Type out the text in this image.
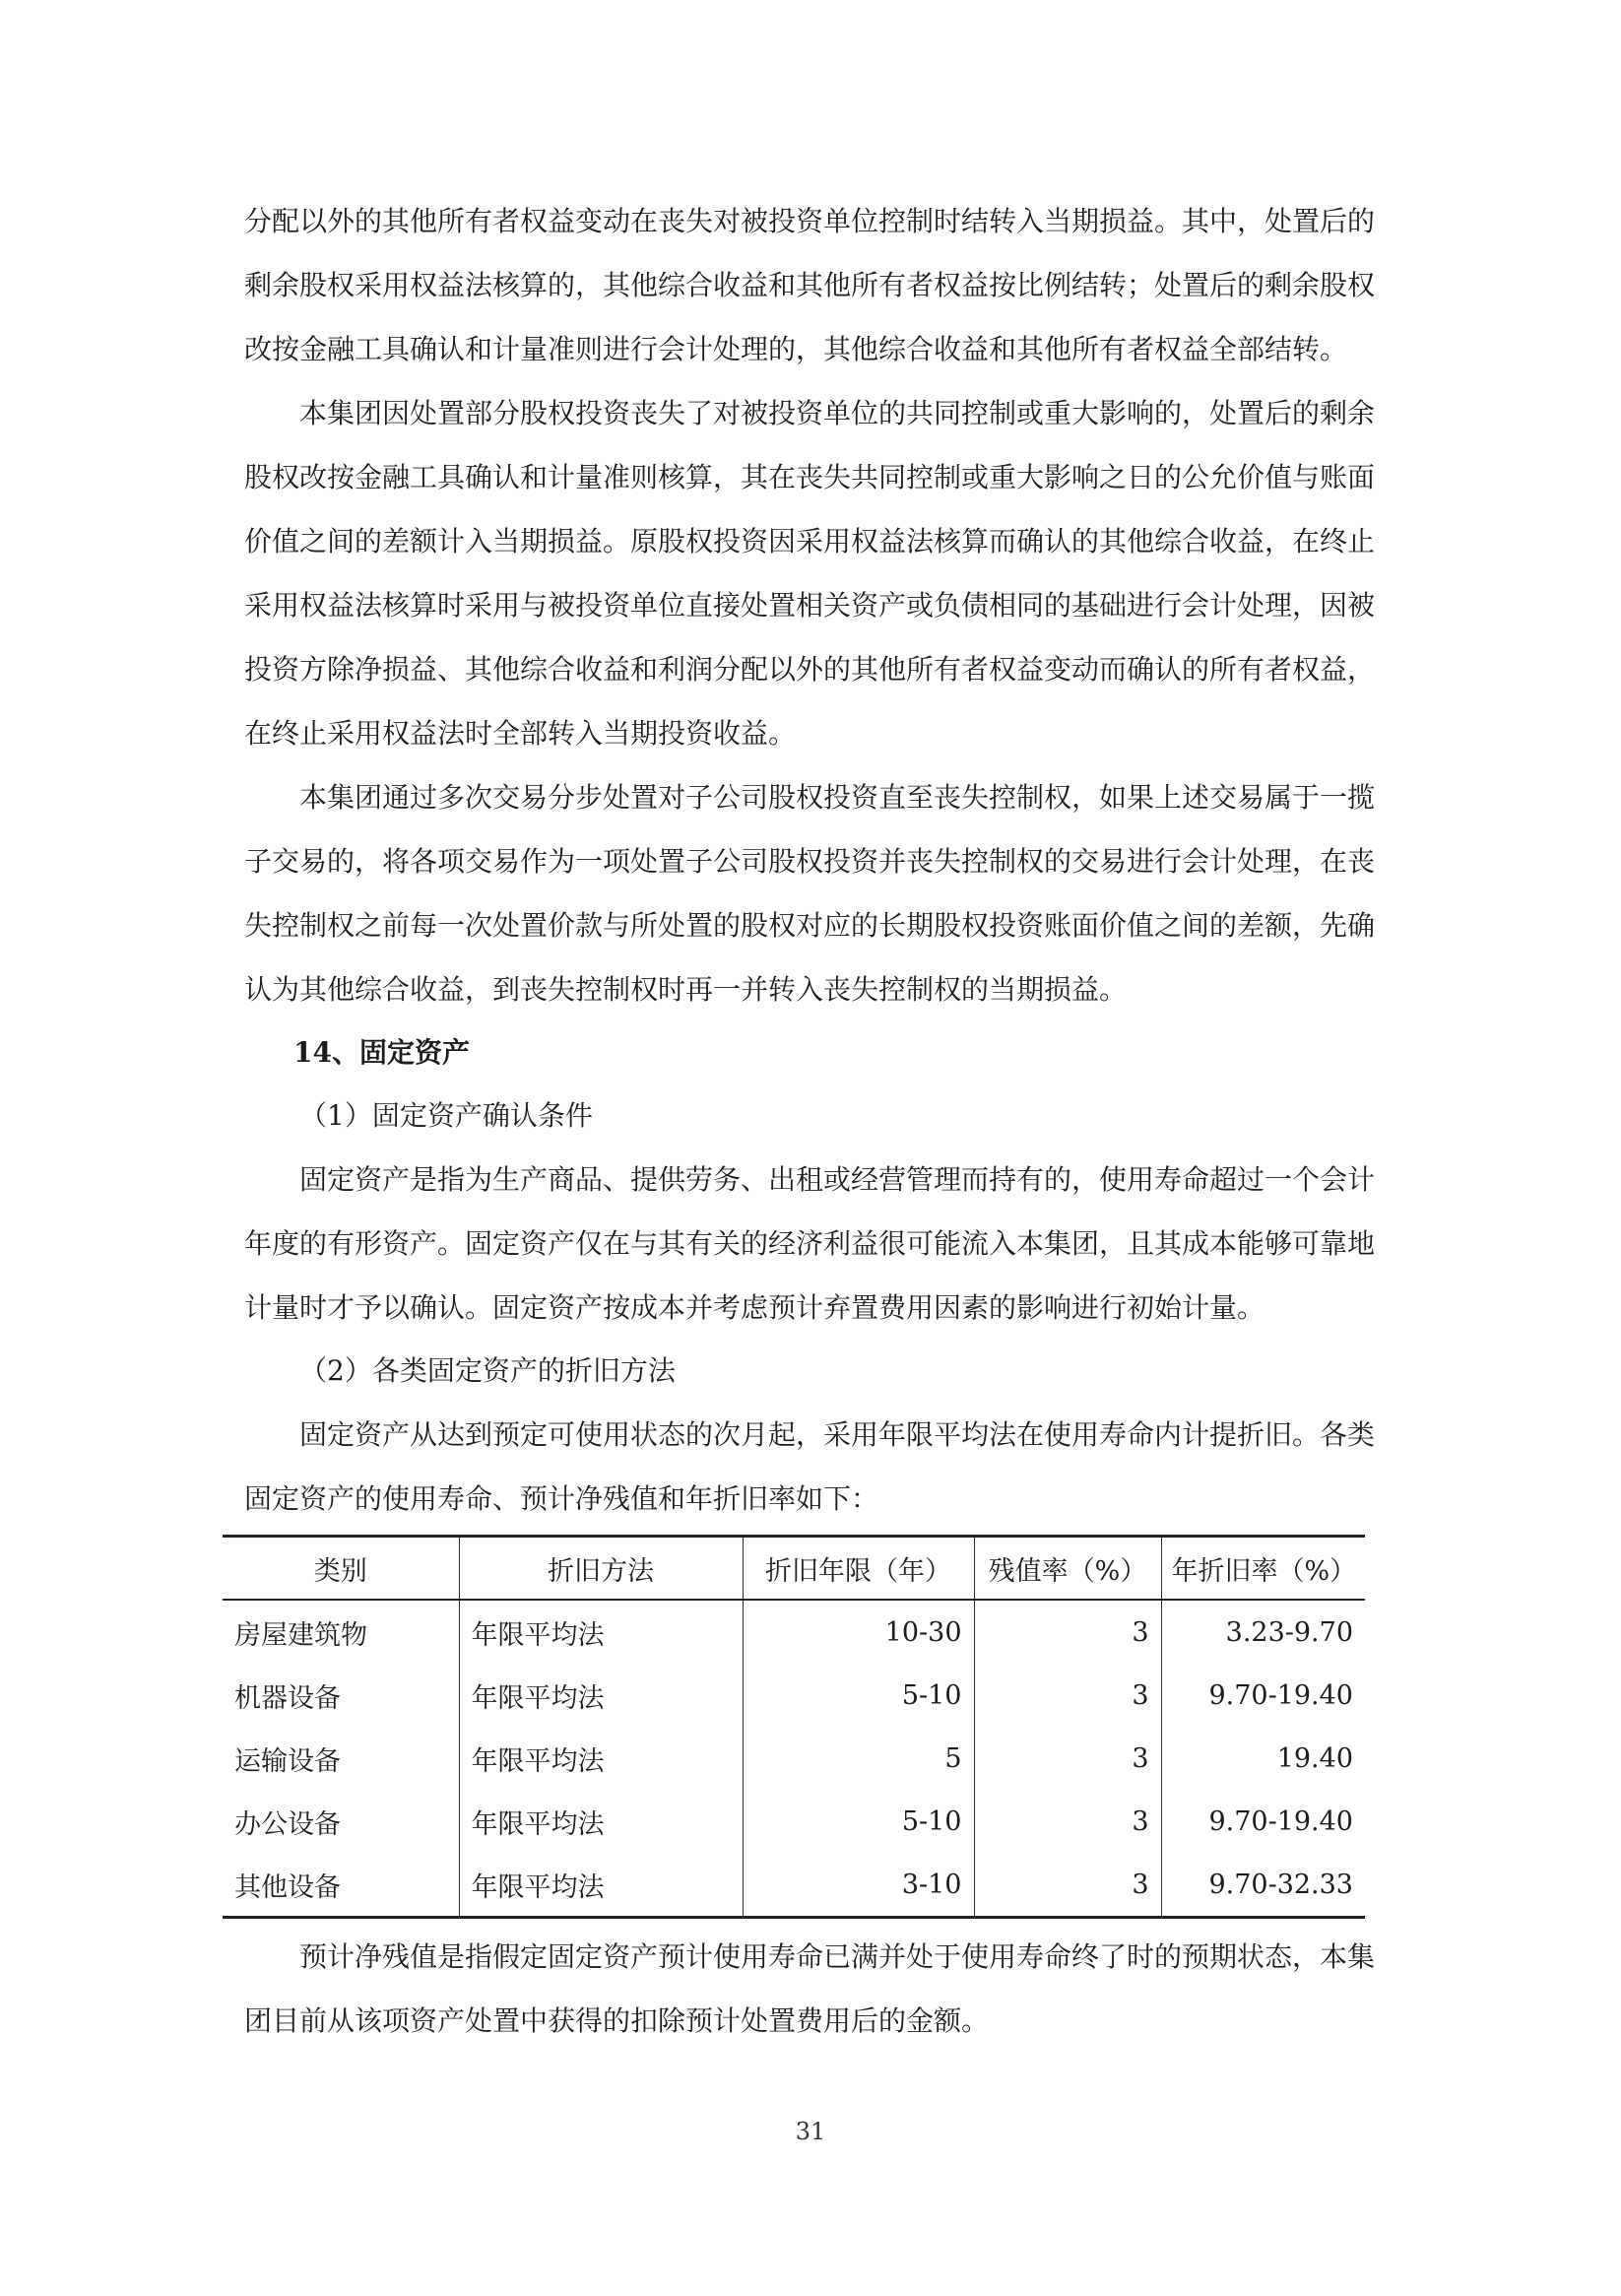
分配以外的其他所有者权益变动在丧失对被投资单位控制时结转入当期损益。其中，处置后的剩余股权采用权益法核算的，其他综合收益和其他所有者权益按比例结转；处置后的剩余股权改按金融工具确认和计量准则进行会计处理的，其他综合收益和其他所有者权益全部结转。

本集团因处置部分股权投资丧失了对被投资单位的共同控制或重大影响的，处置后的剩余股权改按金融工具确认和计量准则核算，其在丧失共同控制或重大影响之日的公允价值与账面价值之间的差额计入当期损益。原股权投资因采用权益法核算而确认的其他综合收益，在终止采用权益法核算时采用与被投资单位直接处置相关资产或负债相同的基础进行会计处理，因被投资方除净损益、其他综合收益和利润分配以外的其他所有者权益变动而确认的所有者权益，在终止采用权益法时全部转入当期投资收益。

本集团通过多次交易分步处置对子公司股权投资直至丧失控制权，如果上述交易属于一揽子交易的，将各项交易作为一项处置子公司股权投资并丧失控制权的交易进行会计处理，在丧失控制权之前每一次处置价款与所处置的股权对应的长期股权投资账面价值之间的差额，先确认为其他综合收益，到丧失控制权时再一并转入丧失控制权的当期损益。

14、固定资产

（1）固定资产确认条件

固定资产是指为生产商品、提供劳务、出租或经营管理而持有的，使用寿命超过一个会计年度的有形资产。固定资产仅在与其有关的经济利益很可能流入本集团，且其成本能够可靠地计量时才予以确认。固定资产按成本并考虑预计弃置费用因素的影响进行初始计量。

（2）各类固定资产的折旧方法

固定资产从达到预定可使用状态的次月起，采用年限平均法在使用寿命内计提折旧。各类固定资产的使用寿命、预计净残值和年折旧率如下：

类别	折旧方法	折旧年限（年）	残值率（%）	年折旧率（%）
房屋建筑物	年限平均法	10-30	3	3.23-9.70
机器设备	年限平均法	5-10	3	9.70-19.40
运输设备	年限平均法	5	3	19.40
办公设备	年限平均法	5-10	3	9.70-19.40
其他设备	年限平均法	3-10	3	9.70-32.33

预计净残值是指假定固定资产预计使用寿命已满并处于使用寿命终了时的预期状态，本集团目前从该项资产处置中获得的扣除预计处置费用后的金额。

31
